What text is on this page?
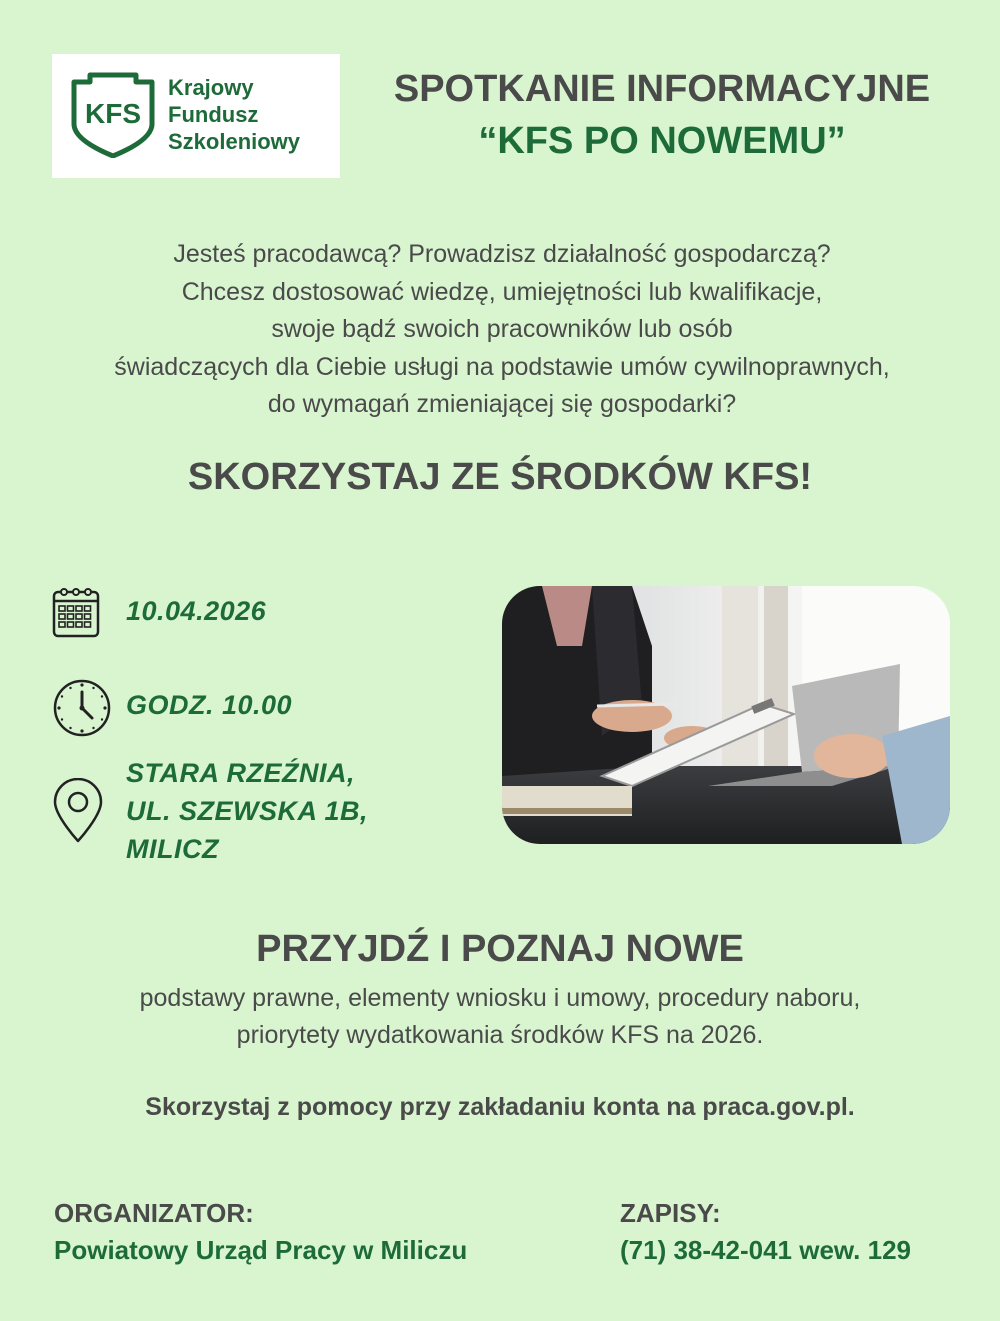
KFS
Krajowy
Fundusz
Szkoleniowy
SPOTKANIE INFORMACYJNE
“KFS PO NOWEMU”
Jesteś pracodawcą? Prowadzisz działalność gospodarczą?
Chcesz dostosować wiedzę, umiejętności lub kwalifikacje,
swoje bądź swoich pracowników lub osób
świadczących dla Ciebie usługi na podstawie umów cywilnoprawnych,
do wymagań zmieniającej się gospodarki?
SKORZYSTAJ ZE ŚRODKÓW KFS!
10.04.2026
GODZ. 10.00
STARA RZEŹNIA,
UL. SZEWSKA 1B,
MILICZ
PRZYJDŹ I POZNAJ NOWE
podstawy prawne, elementy wniosku i umowy, procedury naboru,
priorytety wydatkowania środków KFS na 2026.
Skorzystaj z pomocy przy zakładaniu konta na praca.gov.pl.
ORGANIZATOR:
Powiatowy Urząd Pracy w Miliczu
ZAPISY:
(71) 38-42-041 wew. 129
